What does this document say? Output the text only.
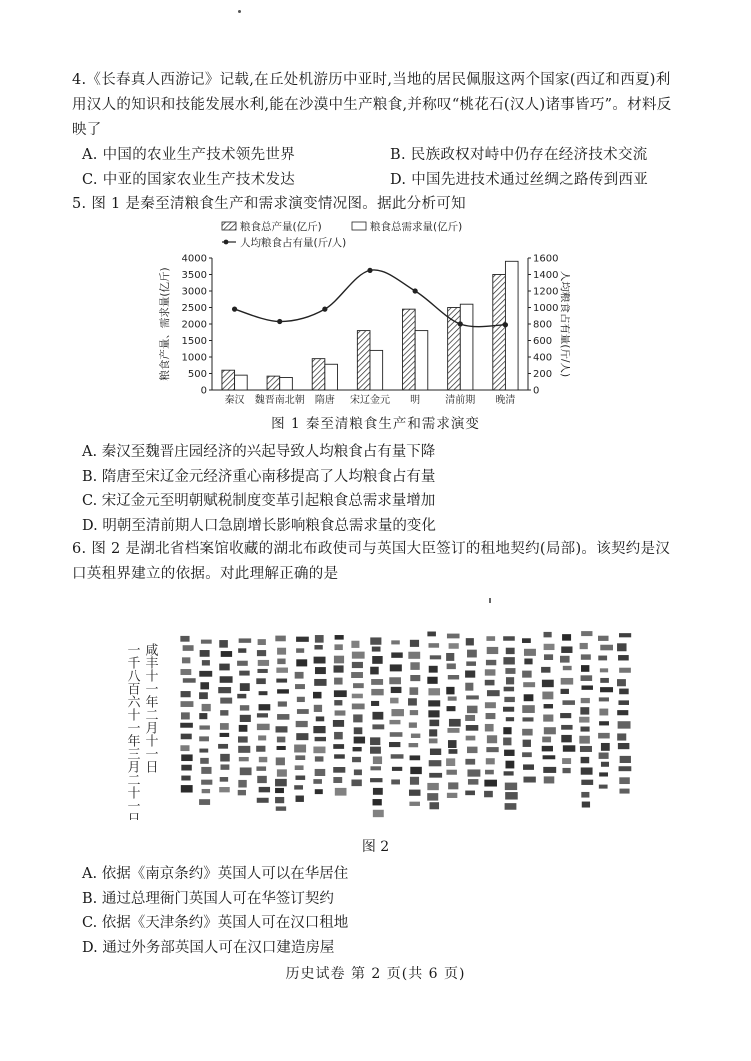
4.《长春真人西游记》记载,在丘处机游历中亚时,当地的居民佩服这两个国家(西辽和西夏)利用汉人的知识和技能发展水利,能在沙漠中生产粮食,并称叹“桃花石(汉人)诸事皆巧”。材料反映了
A. 中国的农业生产技术领先世界	B. 民族政权对峙中仍存在经济技术交流
C. 中亚的国家农业生产技术发达	D. 中国先进技术通过丝绸之路传到西亚
5. 图 1 是秦至清粮食生产和需求演变情况图。据此分析可知
0
500
1000
1500
2000
2500
3000
3500
4000
0
200
400
600
800
1000
1200
1400
1600
粮食产量、需求量(亿斤)	人均粮食占有量(斤/人)
秦汉 魏晋南北朝 隋唐 宋辽金元 明	清前期 晚清
粮食总产量(亿斤)	粮食总需求量(亿斤)
人均粮食占有量(斤/人)
图 1 秦至清粮食生产和需求演变
A. 秦汉至魏晋庄园经济的兴起导致人均粮食占有量下降
B. 隋唐至宋辽金元经济重心南移提高了人均粮食占有量
C. 宋辽金元至明朝赋税制度变革引起粮食总需求量增加
D. 明朝至清前期人口急剧增长影响粮食总需求量的变化
6. 图 2 是湖北省档案馆收藏的湖北布政使司与英国大臣签订的租地契约(局部)。该契约是汉口英租界建立的依据。对此理解正确的是
一千八百六十一年三月二十一日 咸丰十一年二月十一日
图 2
A. 依据《南京条约》英国人可以在华居住
B. 通过总理衙门英国人可在华签订契约
C. 依据《天津条约》英国人可在汉口租地
D. 通过外务部英国人可在汉口建造房屋
历史试卷 第 2 页(共 6 页)
